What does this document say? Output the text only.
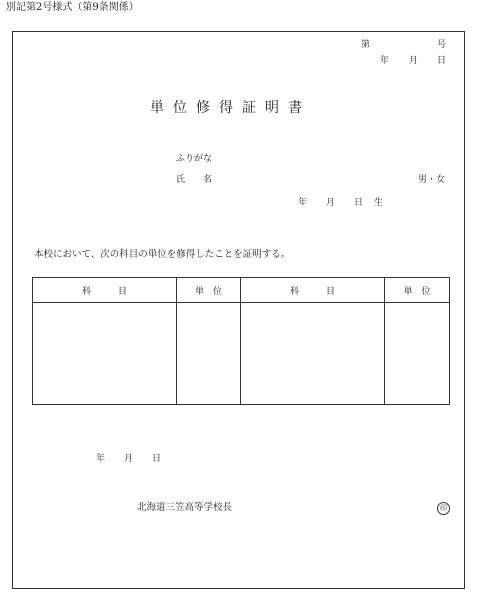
別記第2号様式（第9条関係）
第	号
年 月 日
単位修得証明書
ふりがな
氏　　名	男・女
年 月 日 生
本校において、次の科目の単位を修得したことを証明する。
科　　　目	単　位	科　　　目	単　位

年 月 日
北海道三笠高等学校長	印
